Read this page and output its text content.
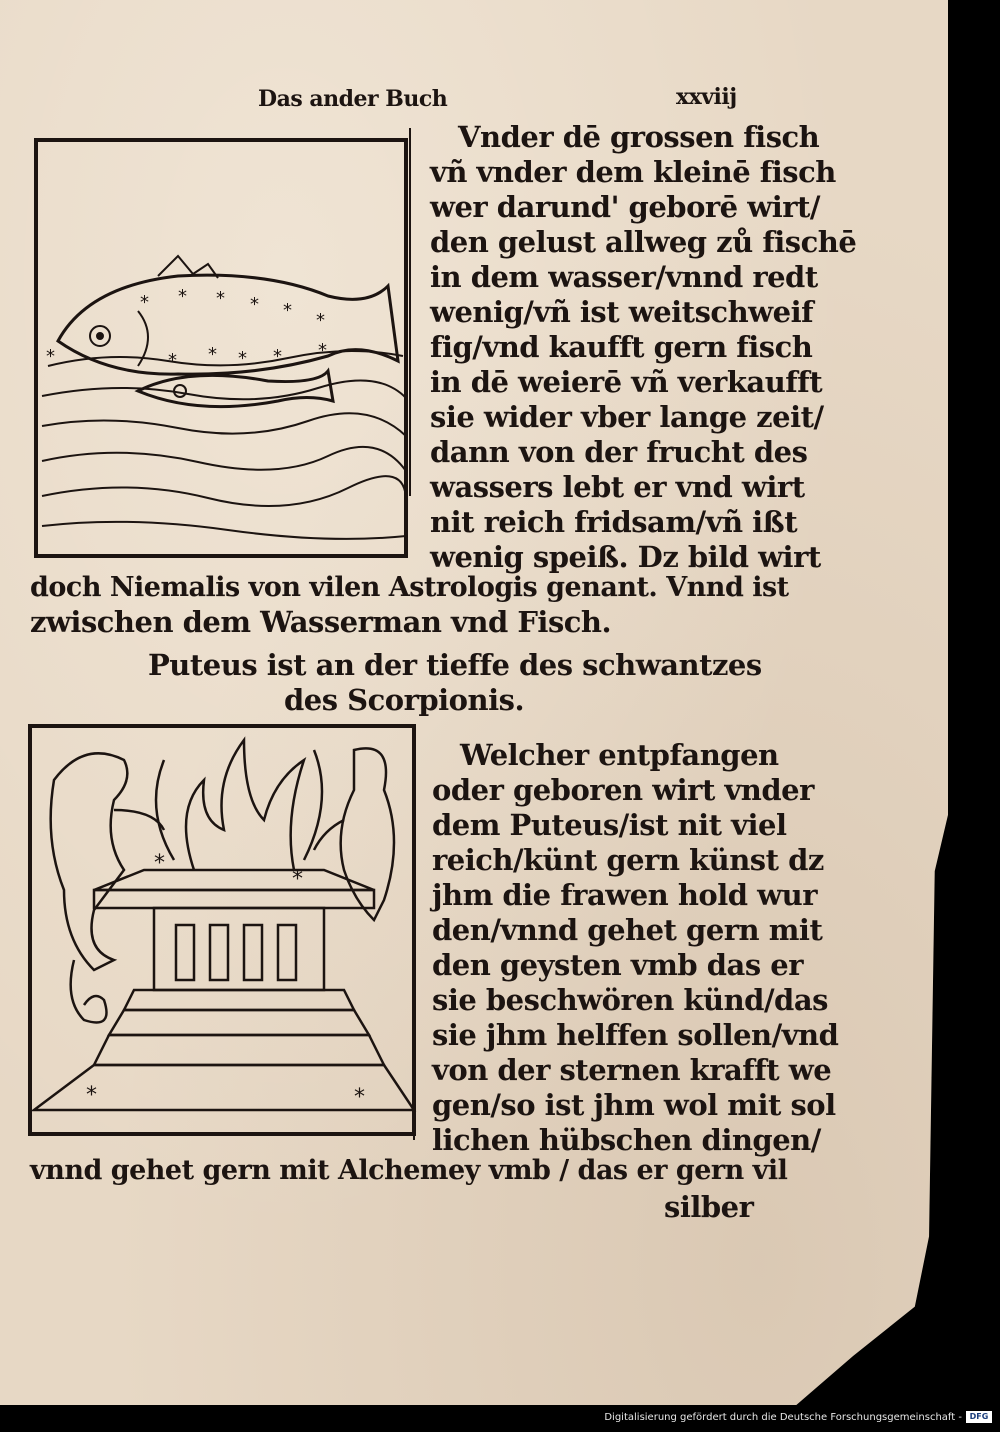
Das ander Buch	xxviij
* * * * * *
* * * * *
*
Vnder dē grossen fisch
vñ vnder dem kleinē fisch
wer darund' geborē wirt/
den gelust allweg zů fischē
in dem wasser/vnnd redt
wenig/vñ ist weitschweif
fig/vnd kaufft gern fisch
in dē weierē vñ verkaufft
sie wider vber lange zeit/
dann von der frucht des
wassers lebt er vnd wirt
nit reich fridsam/vñ ißt
wenig speiß. Dz bild wirt
doch Niemalis von vilen Astrologis genant. Vnnd ist
zwischen dem Wasserman vnd Fisch.
Puteus ist an der tieffe des schwantzes
des Scorpionis.
*
*
*	*
Welcher entpfangen
oder geboren wirt vnder
dem Puteus/ist nit viel
reich/künt gern künst dz
jhm die frawen hold wur
den/vnnd gehet gern mit
den geysten vmb das er
sie beschwören künd/das
sie jhm helffen sollen/vnd
von der sternen krafft we
gen/so ist jhm wol mit sol
lichen hübschen dingen/
vnnd gehet gern mit Alchemey vmb / das er gern vil
silber
Digitalisierung gefördert durch die Deutsche Forschungsgemeinschaft - DFG
